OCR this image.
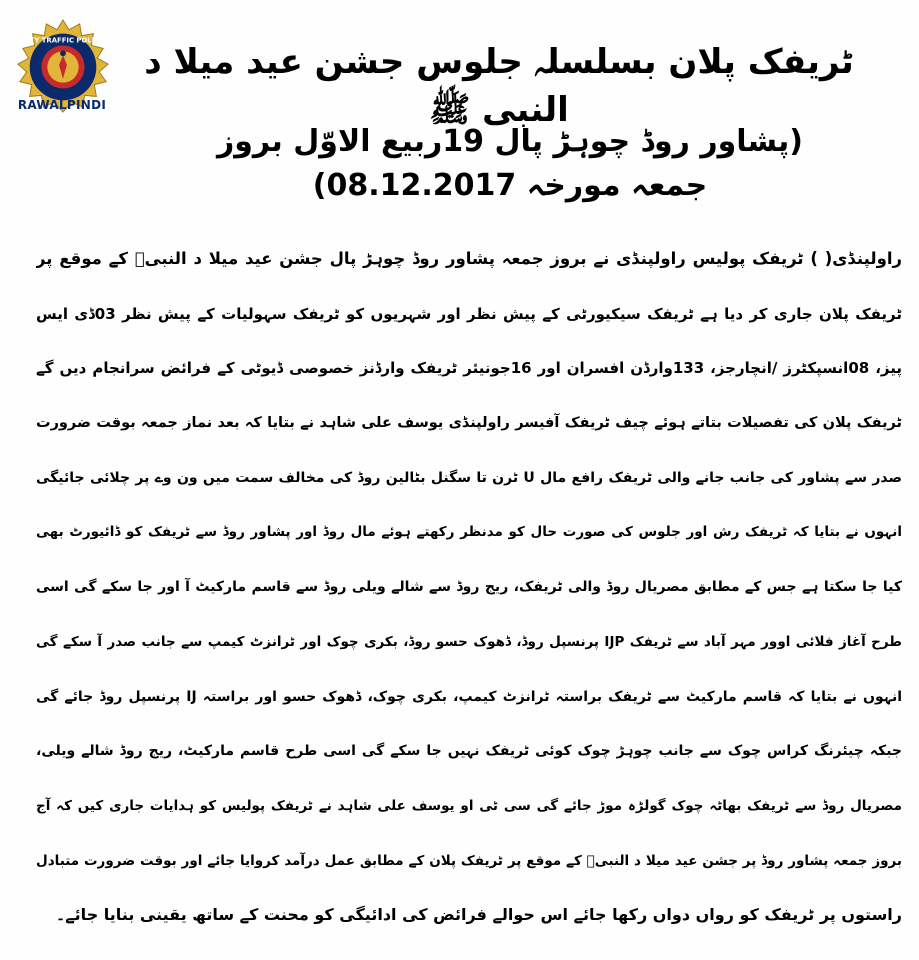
CITY TRAFFIC POLICE
RAWALPINDI
ٹریفک پلان بسلسلہ جلوس جشن عید میلا د النبی ﷺ
(پشاور روڈ چوہڑ پال 19ربیع الاوّل بروز جمعہ مورخہ 08.12.2017)
راولپنڈی( ) ٹریفک پولیس راولپنڈی نے بروز جمعہ پشاور روڈ چوہڑ پال جشن عید میلا د النبیؐ کے موقع پر
ٹریفک پلان جاری کر دیا ہے ٹریفک سیکیورٹی کے پیش نظر اور شہریوں کو ٹریفک سہولیات کے پیش نظر 03ڈی ایس
پیز، 08انسپکٹرز /انچارجز، 133وارڈن افسران اور 16جونیئر ٹریفک وارڈنز خصوصی ڈیوٹی کے فرائض سرانجام دیں گے
ٹریفک پلان کی تفصیلات بتاتے ہوئے چیف ٹریفک آفیسر راولپنڈی یوسف علی شاہد نے بتایا کہ بعد نماز جمعہ بوقت ضرورت
صدر سے پشاور کی جانب جانے والی ٹریفک رافع مال U ٹرن تا سگنل بٹالین روڈ کی مخالف سمت میں ون وے پر چلائی جائیگی
انہوں نے بتایا کہ ٹریفک رش اور جلوس کی صورت حال کو مدنظر رکھتے ہوئے مال روڈ اور پشاور روڈ سے ٹریفک کو ڈائیورٹ بھی
کیا جا سکتا ہے جس کے مطابق مصریال روڈ والی ٹریفک، ریج روڈ سے شالے ویلی روڈ سے قاسم مارکیٹ آ اور جا سکے گی اسی
طرح آغاز فلائی اوور مہر آباد سے ٹریفک IJP پرنسپل روڈ، ڈھوک حسو روڈ، بکری چوک اور ٹرانزٹ کیمپ سے جانب صدر آ سکے گی
انہوں نے بتایا کہ قاسم مارکیٹ سے ٹریفک براستہ ٹرانزٹ کیمپ، بکری چوک، ڈھوک حسو اور براستہ IJ پرنسپل روڈ جائے گی
جبکہ چیئرنگ کراس چوک سے جانب چوہڑ چوک کوئی ٹریفک نہیں جا سکے گی اسی طرح قاسم مارکیٹ، ریج روڈ شالے ویلی،
مصریال روڈ سے ٹریفک بھاٹہ چوک گولڑہ موڑ جائے گی سی ٹی او یوسف علی شاہد نے ٹریفک پولیس کو ہدایات جاری کیں کہ آج
بروز جمعہ پشاور روڈ پر جشن عید میلا د النبیؐ کے موقع پر ٹریفک پلان کے مطابق عمل درآمد کروایا جائے اور بوقت ضرورت متبادل
راستوں پر ٹریفک کو رواں دواں رکھا جائے اس حوالے فرائض کی ادائیگی کو محنت کے ساتھ یقینی بنایا جائے۔
